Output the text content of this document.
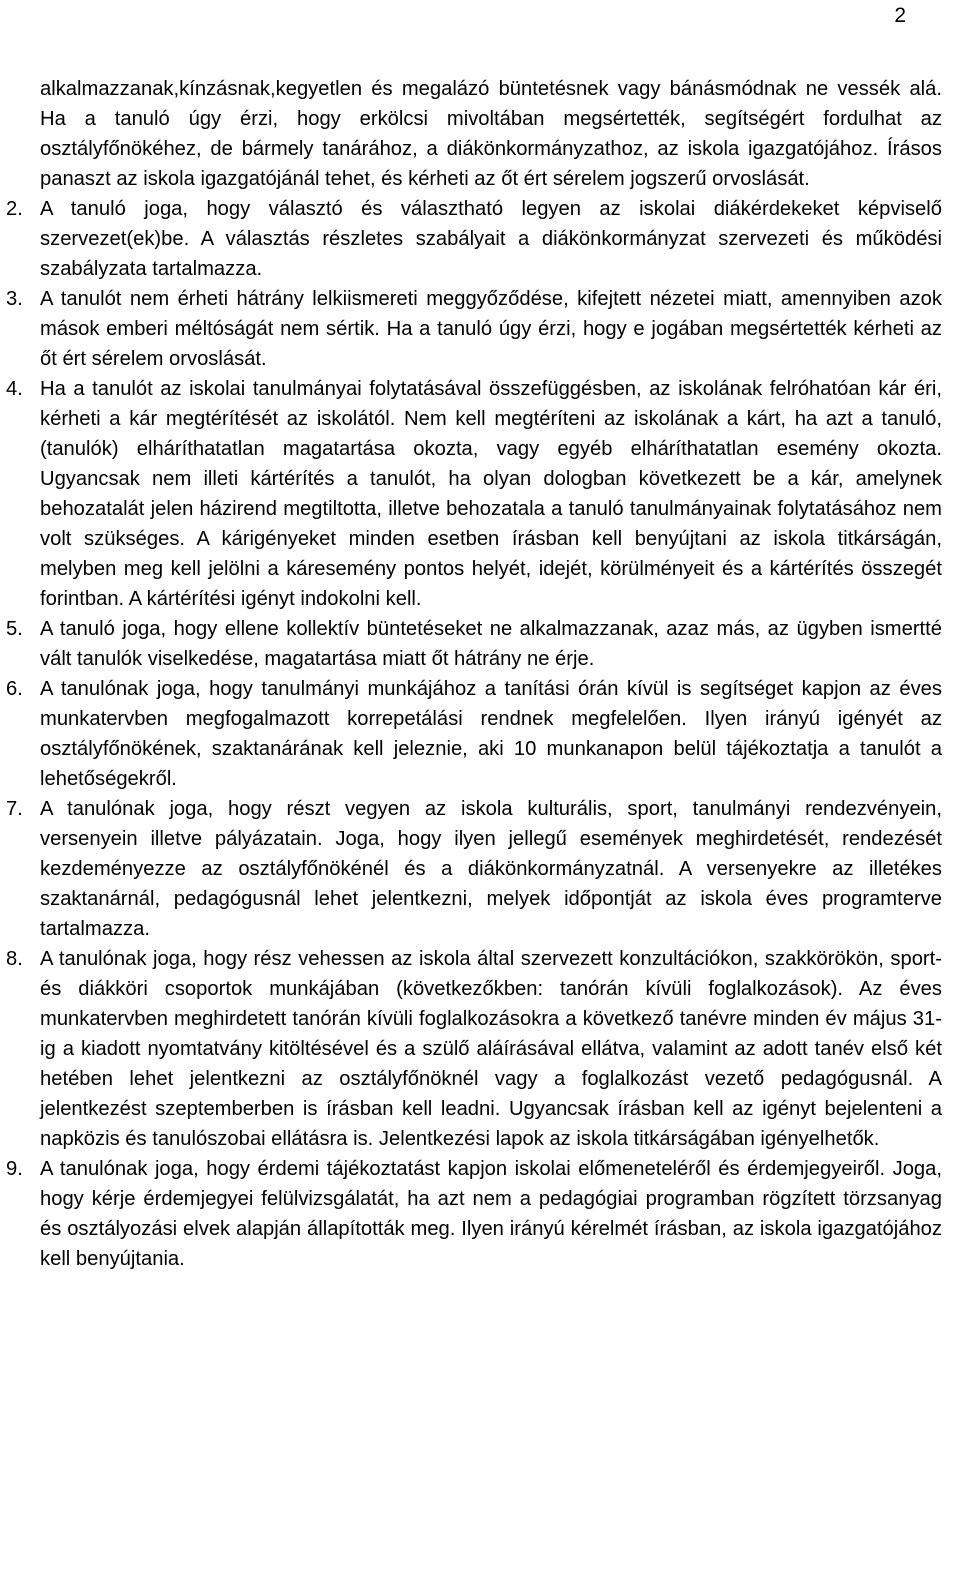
2

alkalmazzanak,kínzásnak,kegyetlen és megalázó büntetésnek vagy bánásmódnak ne vessék alá. Ha a tanuló úgy érzi, hogy erkölcsi mivoltában megsértették, segítségért fordulhat az osztályfőnökéhez, de bármely tanárához, a diákönkormányzathoz, az iskola igazgatójához. Írásos panaszt az iskola igazgatójánál tehet, és kérheti az őt ért sérelem jogszerű orvoslását.

2. A tanuló joga, hogy választó és választható legyen az iskolai diákérdekeket képviselő szervezet(ek)be. A választás részletes szabályait a diákönkormányzat szervezeti és működési szabályzata tartalmazza.
3. A tanulót nem érheti hátrány lelkiismereti meggyőződése, kifejtett nézetei miatt, amennyiben azok mások emberi méltóságát nem sértik. Ha a tanuló úgy érzi, hogy e jogában megsértették kérheti az őt ért sérelem orvoslását.
4. Ha a tanulót az iskolai tanulmányai folytatásával összefüggésben, az iskolának felróhatóan kár éri, kérheti a kár megtérítését az iskolától. Nem kell megtéríteni az iskolának a kárt, ha azt a tanuló, (tanulók) elháríthatatlan magatartása okozta, vagy egyéb elháríthatatlan esemény okozta. Ugyancsak nem illeti kártérítés a tanulót, ha olyan dologban következett be a kár, amelynek behozatalát jelen házirend megtiltotta, illetve behozatala a tanuló tanulmányainak folytatásához nem volt szükséges. A kárigényeket minden esetben írásban kell benyújtani az iskola titkárságán, melyben meg kell jelölni a káresemény pontos helyét, idejét, körülményeit és a kártérítés összegét forintban. A kártérítési igényt indokolni kell.
5. A tanuló joga, hogy ellene kollektív büntetéseket ne alkalmazzanak, azaz más, az ügyben ismertté vált tanulók viselkedése, magatartása miatt őt hátrány ne érje.
6. A tanulónak joga, hogy tanulmányi munkájához a tanítási órán kívül is segítséget kapjon az éves munkatervben megfogalmazott korrepetálási rendnek megfelelően. Ilyen irányú igényét az osztályfőnökének, szaktanárának kell jeleznie, aki 10 munkanapon belül tájékoztatja a tanulót a lehetőségekről.
7. A tanulónak joga, hogy részt vegyen az iskola kulturális, sport, tanulmányi rendezvényein, versenyein illetve pályázatain. Joga, hogy ilyen jellegű események meghirdetését, rendezését kezdeményezze az osztályfőnökénél és a diákönkormányzatnál. A versenyekre az illetékes szaktanárnál, pedagógusnál lehet jelentkezni, melyek időpontját az iskola éves programterve tartalmazza.
8. A tanulónak joga, hogy rész vehessen az iskola által szervezett konzultációkon, szakkörökön, sport- és diákköri csoportok munkájában (következőkben: tanórán kívüli foglalkozások). Az éves munkatervben meghirdetett tanórán kívüli foglalkozásokra a következő tanévre minden év május 31-ig a kiadott nyomtatvány kitöltésével és a szülő aláírásával ellátva, valamint az adott tanév első két hetében lehet jelentkezni az osztályfőnöknél vagy a foglalkozást vezető pedagógusnál. A jelentkezést szeptemberben is írásban kell leadni. Ugyancsak írásban kell az igényt bejelenteni a napközis és tanulószobai ellátásra is. Jelentkezési lapok az iskola titkárságában igényelhetők.
9. A tanulónak joga, hogy érdemi tájékoztatást kapjon iskolai előmeneteléről és érdemjegyeiről. Joga, hogy kérje érdemjegyei felülvizsgálatát, ha azt nem a pedagógiai programban rögzített törzsanyag és osztályozási elvek alapján állapították meg. Ilyen irányú kérelmét írásban, az iskola igazgatójához kell benyújtania.
